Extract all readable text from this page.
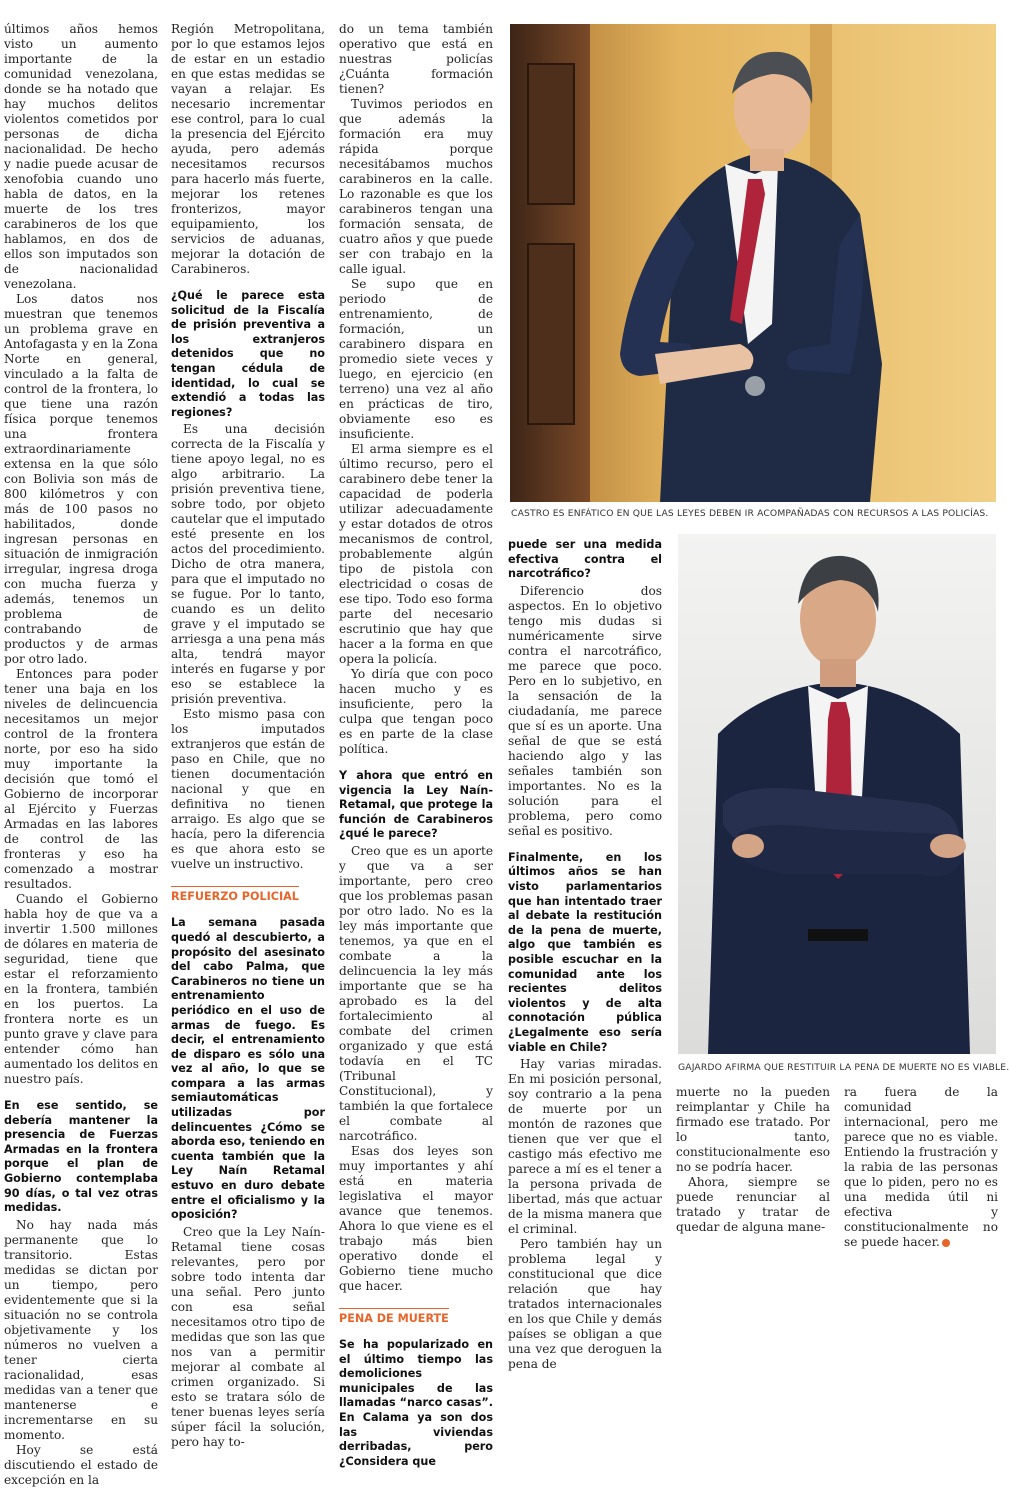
últimos años hemos visto un aumento importante de la comunidad venezolana, donde se ha notado que hay muchos delitos violentos cometidos por personas de dicha nacionalidad. De hecho y nadie puede acusar de xenofobia cuando uno habla de datos, en la muerte de los tres carabineros de los que hablamos, en dos de ellos son imputados son de nacionalidad venezolana.

Los datos nos muestran que tenemos un problema grave en Antofagasta y en la Zona Norte en general, vinculado a la falta de control de la frontera, lo que tiene una razón física porque tenemos una frontera extraordinariamente extensa en la que sólo con Bolivia son más de 800 kilómetros y con más de 100 pasos no habilitados, donde ingresan personas en situación de inmigración irregular, ingresa droga con mucha fuerza y además, tenemos un problema de contrabando de productos y de armas por otro lado.

Entonces para poder tener una baja en los niveles de delincuencia necesitamos un mejor control de la frontera norte, por eso ha sido muy importante la decisión que tomó el Gobierno de incorporar al Ejército y Fuerzas Armadas en las labores de control de las fronteras y eso ha comenzado a mostrar resultados.

Cuando el Gobierno habla hoy de que va a invertir 1.500 millones de dólares en materia de seguridad, tiene que estar el reforzamiento en la frontera, también en los puertos. La frontera norte es un punto grave y clave para entender cómo han aumentado los delitos en nuestro país.

En ese sentido, se debería mantener la presencia de Fuerzas Armadas en la frontera porque el plan de Gobierno contemplaba 90 días, o tal vez otras medidas.

No hay nada más permanente que lo transitorio. Estas medidas se dictan por un tiempo, pero evidentemente que si la situación no se controla objetivamente y los números no vuelven a tener cierta racionalidad, esas medidas van a tener que mantenerse e incrementarse en su momento.

Hoy se está discutiendo el estado de excepción en la

Región Metropolitana, por lo que estamos lejos de estar en un estadio en que estas medidas se vayan a relajar. Es necesario incrementar ese control, para lo cual la presencia del Ejército ayuda, pero además necesitamos recursos para hacerlo más fuerte, mejorar los retenes fronterizos, mayor equipamiento, los servicios de aduanas, mejorar la dotación de Carabineros.

¿Qué le parece esta solicitud de la Fiscalía de prisión preventiva a los extranjeros detenidos que no tengan cédula de identidad, lo cual se extendió a todas las regiones?

Es una decisión correcta de la Fiscalía y tiene apoyo legal, no es algo arbitrario. La prisión preventiva tiene, sobre todo, por objeto cautelar que el imputado esté presente en los actos del procedimiento. Dicho de otra manera, para que el imputado no se fugue. Por lo tanto, cuando es un delito grave y el imputado se arriesga a una pena más alta, tendrá mayor interés en fugarse y por eso se establece la prisión preventiva.

Esto mismo pasa con los imputados extranjeros que están de paso en Chile, que no tienen documentación nacional y que en definitiva no tienen arraigo. Es algo que se hacía, pero la diferencia es que ahora esto se vuelve un instructivo.

REFUERZO POLICIAL

La semana pasada quedó al descubierto, a propósito del asesinato del cabo Palma, que Carabineros no tiene un entrenamiento periódico en el uso de armas de fuego. Es decir, el entrenamiento de disparo es sólo una vez al año, lo que se compara a las armas semiautomáticas utilizadas por delincuentes ¿Cómo se aborda eso, teniendo en cuenta también que la Ley Naín Retamal estuvo en duro debate entre el oficialismo y la oposición?

Creo que la Ley Naín-Retamal tiene cosas relevantes, pero por sobre todo intenta dar una señal. Pero junto con esa señal necesitamos otro tipo de medidas que son las que nos van a permitir mejorar al combate al crimen organizado. Si esto se tratara sólo de tener buenas leyes sería súper fácil la solución, pero hay to-

do un tema también operativo que está en nuestras policías ¿Cuánta formación tienen?

Tuvimos periodos en que además la formación era muy rápida porque necesitábamos muchos carabineros en la calle. Lo razonable es que los carabineros tengan una formación sensata, de cuatro años y que puede ser con trabajo en la calle igual.

Se supo que en periodo de entrenamiento, de formación, un carabinero dispara en promedio siete veces y luego, en ejercicio (en terreno) una vez al año en prácticas de tiro, obviamente eso es insuficiente.

El arma siempre es el último recurso, pero el carabinero debe tener la capacidad de poderla utilizar adecuadamente y estar dotados de otros mecanismos de control, probablemente algún tipo de pistola con electricidad o cosas de ese tipo. Todo eso forma parte del necesario escrutinio que hay que hacer a la forma en que opera la policía.

Yo diría que con poco hacen mucho y es insuficiente, pero la culpa que tengan poco es en parte de la clase política.

Y ahora que entró en vigencia la Ley Naín-Retamal, que protege la función de Carabineros ¿qué le parece?

Creo que es un aporte y que va a ser importante, pero creo que los problemas pasan por otro lado. No es la ley más importante que tenemos, ya que en el combate a la delincuencia la ley más importante que se ha aprobado es la del fortalecimiento al combate del crimen organizado y que está todavía en el TC (Tribunal Constitucional), y también la que fortalece el combate al narcotráfico.

Esas dos leyes son muy importantes y ahí está en materia legislativa el mayor avance que tenemos. Ahora lo que viene es el trabajo más bien operativo donde el Gobierno tiene mucho que hacer.

PENA DE MUERTE

Se ha popularizado en el último tiempo las demoliciones municipales de las llamadas “narco casas”. En Calama ya son dos las viviendas derribadas, pero ¿Considera que

puede ser una medida efectiva contra el narcotráfico?

Diferencio dos aspectos. En lo objetivo tengo mis dudas si numéricamente sirve contra el narcotráfico, me parece que poco. Pero en lo subjetivo, en la sensación de la ciudadanía, me parece que sí es un aporte. Una señal de que se está haciendo algo y las señales también son importantes. No es la solución para el problema, pero como señal es positivo.

Finalmente, en los últimos años se han visto parlamentarios que han intentado traer al debate la restitución de la pena de muerte, algo que también es posible escuchar en la comunidad ante los recientes delitos violentos y de alta connotación pública ¿Legalmente eso sería viable en Chile?

Hay varias miradas. En mi posición personal, soy contrario a la pena de muerte por un montón de razones que tienen que ver que el castigo más efectivo me parece a mí es el tener a la persona privada de libertad, más que actuar de la misma manera que el criminal.

Pero también hay un problema legal y constitucional que dice relación que hay tratados internacionales en los que Chile y demás países se obligan a que una vez que deroguen la pena de

muerte no la pueden reimplantar y Chile ha firmado ese tratado. Por lo tanto, constitucionalmente eso no se podría hacer.

Ahora, siempre se puede renunciar al tratado y tratar de quedar de alguna mane-

ra fuera de la comunidad internacional, pero me parece que no es viable. Entiendo la frustración y la rabia de las personas que lo piden, pero no es una medida útil ni efectiva y constitucionalmente no se puede hacer.

CASTRO ES ENFÁTICO EN QUE LAS LEYES DEBEN IR ACOMPAÑADAS CON RECURSOS A LAS POLICÍAS.
GAJARDO AFIRMA QUE RESTITUIR LA PENA DE MUERTE NO ES VIABLE.
